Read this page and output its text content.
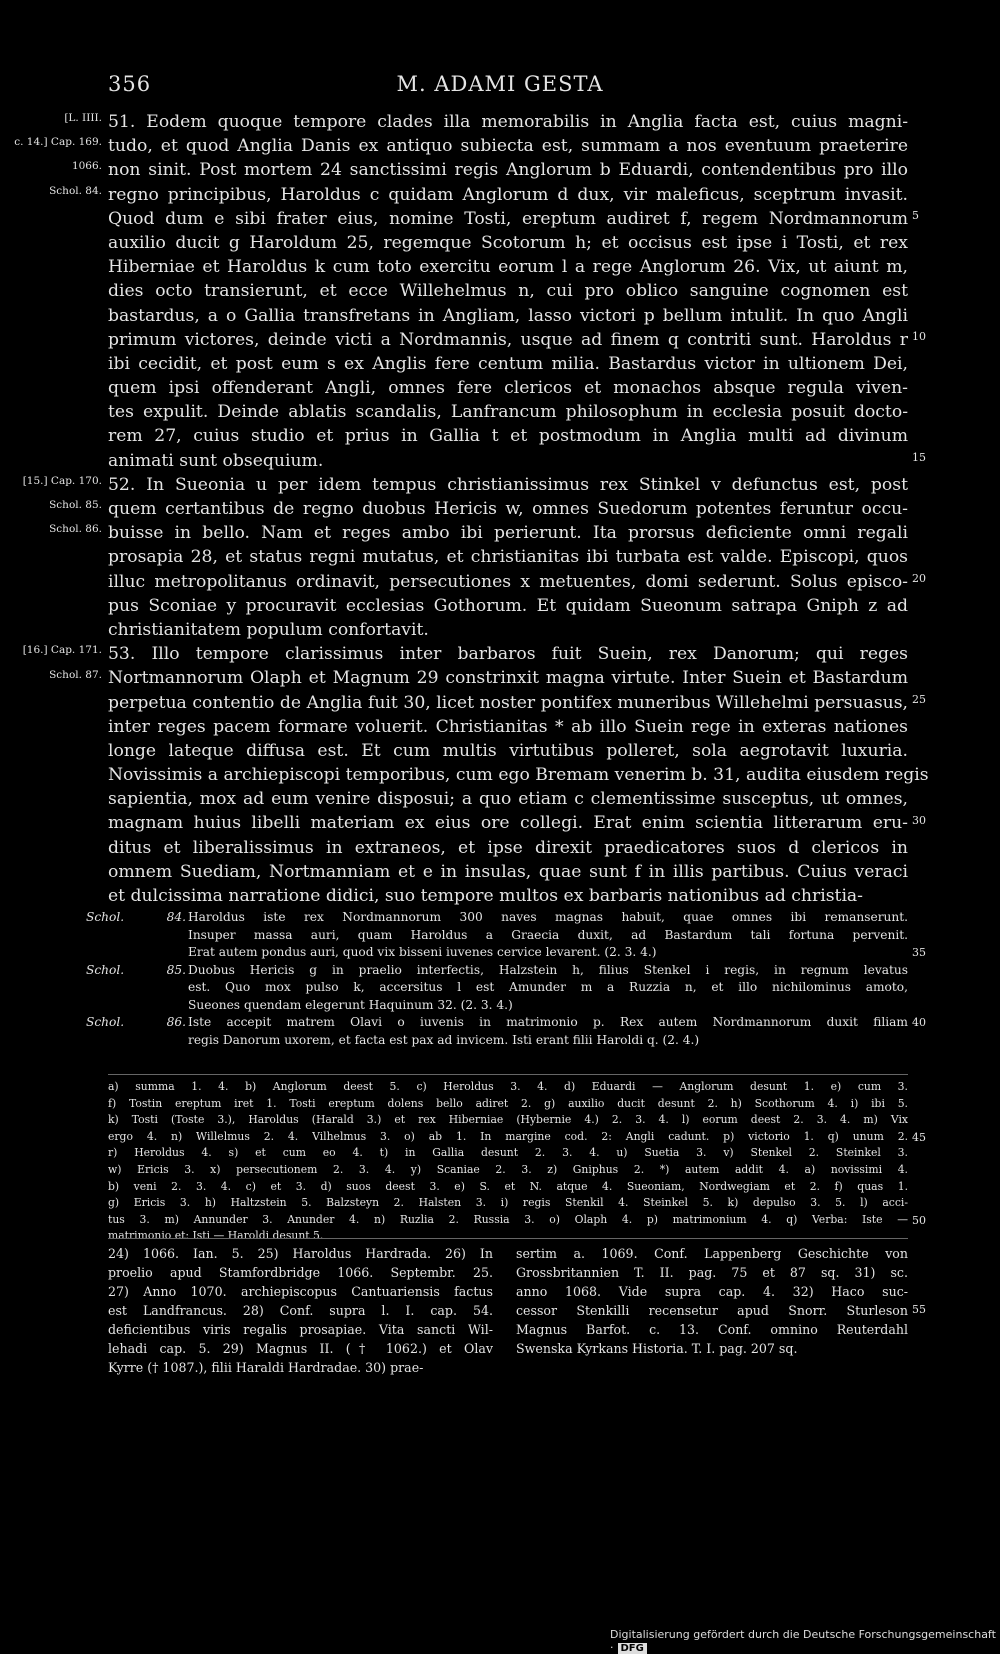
356	M. ADAMI GESTA
51. Eodem quoque tempore clades illa memorabilis in Anglia facta est, cuius magni-
tudo, et quod Anglia Danis ex antiquo subiecta est, summam a nos eventuum praeterire
non sinit. Post mortem 24 sanctissimi regis Anglorum b Eduardi, contendentibus pro illo
regno principibus, Haroldus c quidam Anglorum d dux, vir maleficus, sceptrum invasit.
Quod dum e sibi frater eius, nomine Tosti, ereptum audiret f, regem Nordmannorum
auxilio ducit g Haroldum 25, regemque Scotorum h; et occisus est ipse i Tosti, et rex
Hiberniae et Haroldus k cum toto exercitu eorum l a rege Anglorum 26. Vix, ut aiunt m,
dies octo transierunt, et ecce Willehelmus n, cui pro oblico sanguine cognomen est
bastardus, a o Gallia transfretans in Angliam, lasso victori p bellum intulit. In quo Angli
primum victores, deinde victi a Nordmannis, usque ad finem q contriti sunt. Haroldus r
ibi cecidit, et post eum s ex Anglis fere centum milia. Bastardus victor in ultionem Dei,
quem ipsi offenderant Angli, omnes fere clericos et monachos absque regula viven-
tes expulit. Deinde ablatis scandalis, Lanfrancum philosophum in ecclesia posuit docto-
rem 27, cuius studio et prius in Gallia t et postmodum in Anglia multi ad divinum
animati sunt obsequium.
52. In Sueonia u per idem tempus christianissimus rex Stinkel v defunctus est, post
quem certantibus de regno duobus Hericis w, omnes Suedorum potentes feruntur occu-
buisse in bello. Nam et reges ambo ibi perierunt. Ita prorsus deficiente omni regali
prosapia 28, et status regni mutatus, et christianitas ibi turbata est valde. Episcopi, quos
illuc metropolitanus ordinavit, persecutiones x metuentes, domi sederunt. Solus episco-
pus Sconiae y procuravit ecclesias Gothorum. Et quidam Sueonum satrapa Gniph z ad
christianitatem populum confortavit.
53. Illo tempore clarissimus inter barbaros fuit Suein, rex Danorum; qui reges
Nortmannorum Olaph et Magnum 29 constrinxit magna virtute. Inter Suein et Bastardum
perpetua contentio de Anglia fuit 30, licet noster pontifex muneribus Willehelmi persuasus,
inter reges pacem formare voluerit. Christianitas * ab illo Suein rege in exteras nationes
longe lateque diffusa est. Et cum multis virtutibus polleret, sola aegrotavit luxuria.
Novissimis a archiepiscopi temporibus, cum ego Bremam venerim b. 31, audita eiusdem regis
sapientia, mox ad eum venire disposui; a quo etiam c clementissime susceptus, ut omnes,
magnam huius libelli materiam ex eius ore collegi. Erat enim scientia litterarum eru-
ditus et liberalissimus in extraneos, et ipse direxit praedicatores suos d clericos in
omnem Suediam, Nortmanniam et e in insulas, quae sunt f in illis partibus. Cuius veraci
et dulcissima narratione didici, suo tempore multos ex barbaris nationibus ad christia-
[L. IIII.
c. 14.] Cap. 169.
1066.
Schol. 84.
[15.] Cap. 170.
Schol. 85.
Schol. 86.
[16.] Cap. 171.
Schol. 87.
5
10
15
20
25
30
35
40
45
50
55
Schol. 84. Haroldus iste rex Nordmannorum 300 naves magnas habuit, quae omnes ibi remanserunt.
Insuper massa auri, quam Haroldus a Graecia duxit, ad Bastardum tali fortuna pervenit.
Erat autem pondus auri, quod vix bisseni iuvenes cervice levarent. (2. 3. 4.)
Schol. 85. Duobus Hericis g in praelio interfectis, Halzstein h, filius Stenkel i regis, in regnum levatus
est. Quo mox pulso k, accersitus l est Amunder m a Ruzzia n, et illo nichilominus amoto,
Sueones quendam elegerunt Haquinum 32. (2. 3. 4.)
Schol. 86. Iste accepit matrem Olavi o iuvenis in matrimonio p. Rex autem Nordmannorum duxit filiam
regis Danorum uxorem, et facta est pax ad invicem. Isti erant filii Haroldi q. (2. 4.)
a) summa 1. 4. b) Anglorum deest 5. c) Heroldus 3. 4. d) Eduardi — Anglorum desunt 1. e) cum 3.
f) Tostin ereptum iret 1. Tosti ereptum dolens bello adiret 2. g) auxilio ducit desunt 2. h) Scothorum 4. i) ibi 5.
k) Tosti (Toste 3.), Haroldus (Harald 3.) et rex Hiberniae (Hybernie 4.) 2. 3. 4. l) eorum deest 2. 3. 4. m) Vix
ergo 4. n) Willelmus 2. 4. Vilhelmus 3. o) ab 1. In margine cod. 2: Angli cadunt. p) victorio 1. q) unum 2.
r) Heroldus 4. s) et cum eo 4. t) in Gallia desunt 2. 3. 4. u) Suetia 3. v) Stenkel 2. Steinkel 3.
w) Ericis 3. x) persecutionem 2. 3. 4. y) Scaniae 2. 3. z) Gniphus 2. *) autem addit 4. a) novissimi 4.
b) veni 2. 3. 4. c) et 3. d) suos deest 3. e) S. et N. atque 4. Sueoniam, Nordwegiam et 2. f) quas 1.
g) Ericis 3. h) Haltzstein 5. Balzsteyn 2. Halsten 3. i) regis Stenkil 4. Steinkel 5. k) depulso 3. 5. l) acci-
tus 3. m) Annunder 3. Anunder 4. n) Ruzlia 2. Russia 3. o) Olaph 4. p) matrimonium 4. q) Verba: Iste —
matrimonio et: Isti — Haroldi desunt 5.
24) 1066. Ian. 5. 25) Haroldus Hardrada. 26) In
proelio apud Stamfordbridge 1066. Septembr. 25.
27) Anno 1070. archiepiscopus Cantuariensis factus
est Landfrancus. 28) Conf. supra l. I. cap. 54.
deficientibus viris regalis prosapiae. Vita sancti Wil-
lehadi cap. 5. 29) Magnus II. († 1062.) et Olav
Kyrre († 1087.), filii Haraldi Hardradae. 30) prae-
sertim a. 1069. Conf. Lappenberg Geschichte von
Grossbritannien T. II. pag. 75 et 87 sq. 31) sc.
anno 1068. Vide supra cap. 4. 32) Haco suc-
cessor Stenkilli recensetur apud Snorr. Sturleson
Magnus Barfot. c. 13. Conf. omnino Reuterdahl
Swenska Kyrkans Historia. T. I. pag. 207 sq.
Digitalisierung gefördert durch die Deutsche Forschungsgemeinschaft · DFG
